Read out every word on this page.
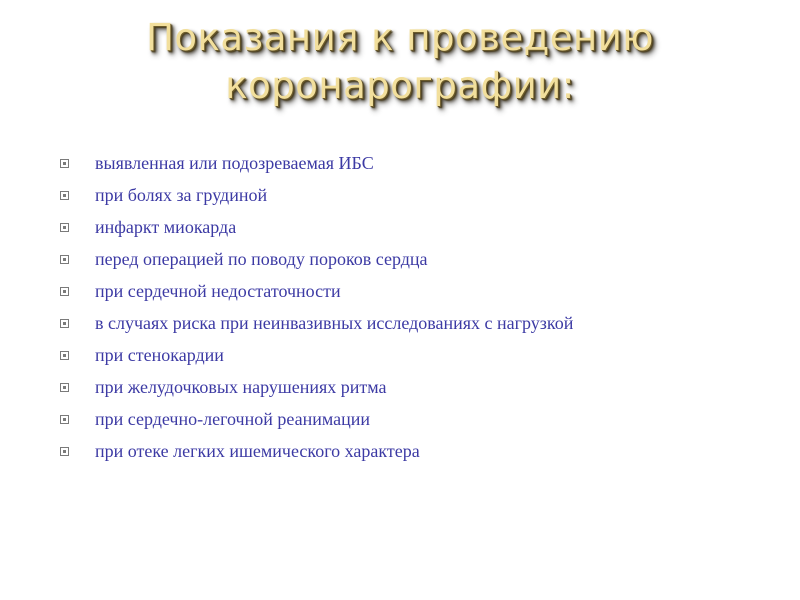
Показания к проведению
коронарографии:
выявленная или подозреваемая ИБС
при болях за грудиной
инфаркт миокарда
перед операцией по поводу пороков сердца
при сердечной недостаточности
в случаях риска при неинвазивных исследованиях с нагрузкой
при стенокардии
при желудочковых нарушениях ритма
при сердечно-легочной реанимации
при отеке легких ишемического характера
